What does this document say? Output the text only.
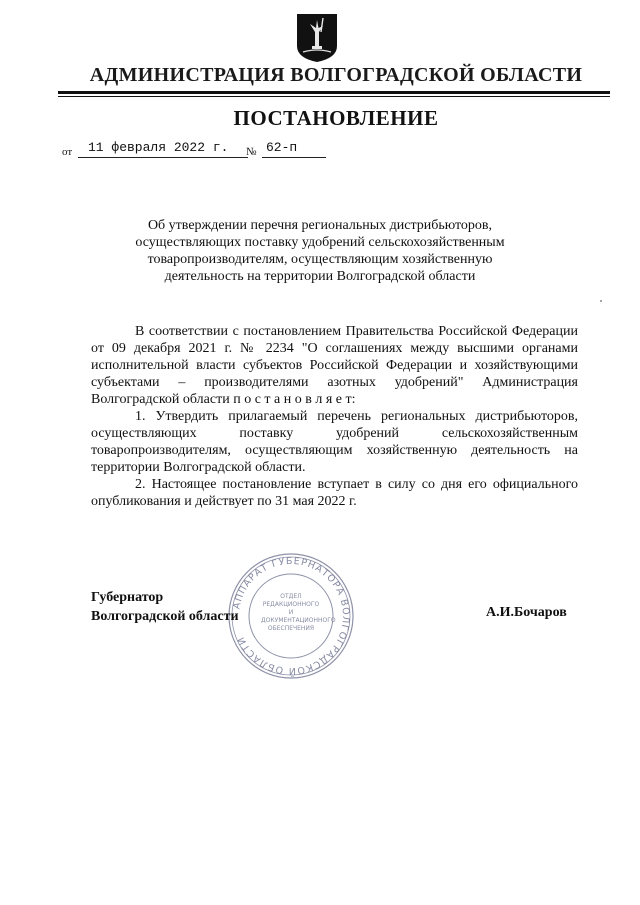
АДМИНИСТРАЦИЯ ВОЛГОГРАДСКОЙ ОБЛАСТИ
ПОСТАНОВЛЕНИЕ
от	11 февраля 2022 г.	№ 62-п
Об утверждении перечня региональных дистрибьюторов,
осуществляющих поставку удобрений сельскохозяйственным
товаропроизводителям, осуществляющим хозяйственную
деятельность на территории Волгоградской области

В соответствии с постановлением Правительства Российской Федерации от 09 декабря 2021 г. № 2234 "О соглашениях между высшими органами исполнительной власти субъектов Российской Федерации и хозяйствующими субъектами – производителями азотных удобрений" Администрация Волгоградской области п о с т а н о в л я е т:

1. Утвердить прилагаемый перечень региональных дистрибьюторов, осуществляющих поставку удобрений сельскохозяйственным товаропроизводителям, осуществляющим хозяйственную деятельность на территории Волгоградской области.

2. Настоящее постановление вступает в силу со дня его официального опубликования и действует по 31 мая 2022 г.

АППАРАТ ГУБЕРНАТОРА ВОЛГОГРАДСКОЙ ОБЛАСТИ
ОТДЕЛ РЕДАКЦИОННОГО И ДОКУМЕНТАЦИОННОГО ОБЕСПЕЧЕНИЯ
Губернатор
Волгоградской области	А.И.Бочаров
